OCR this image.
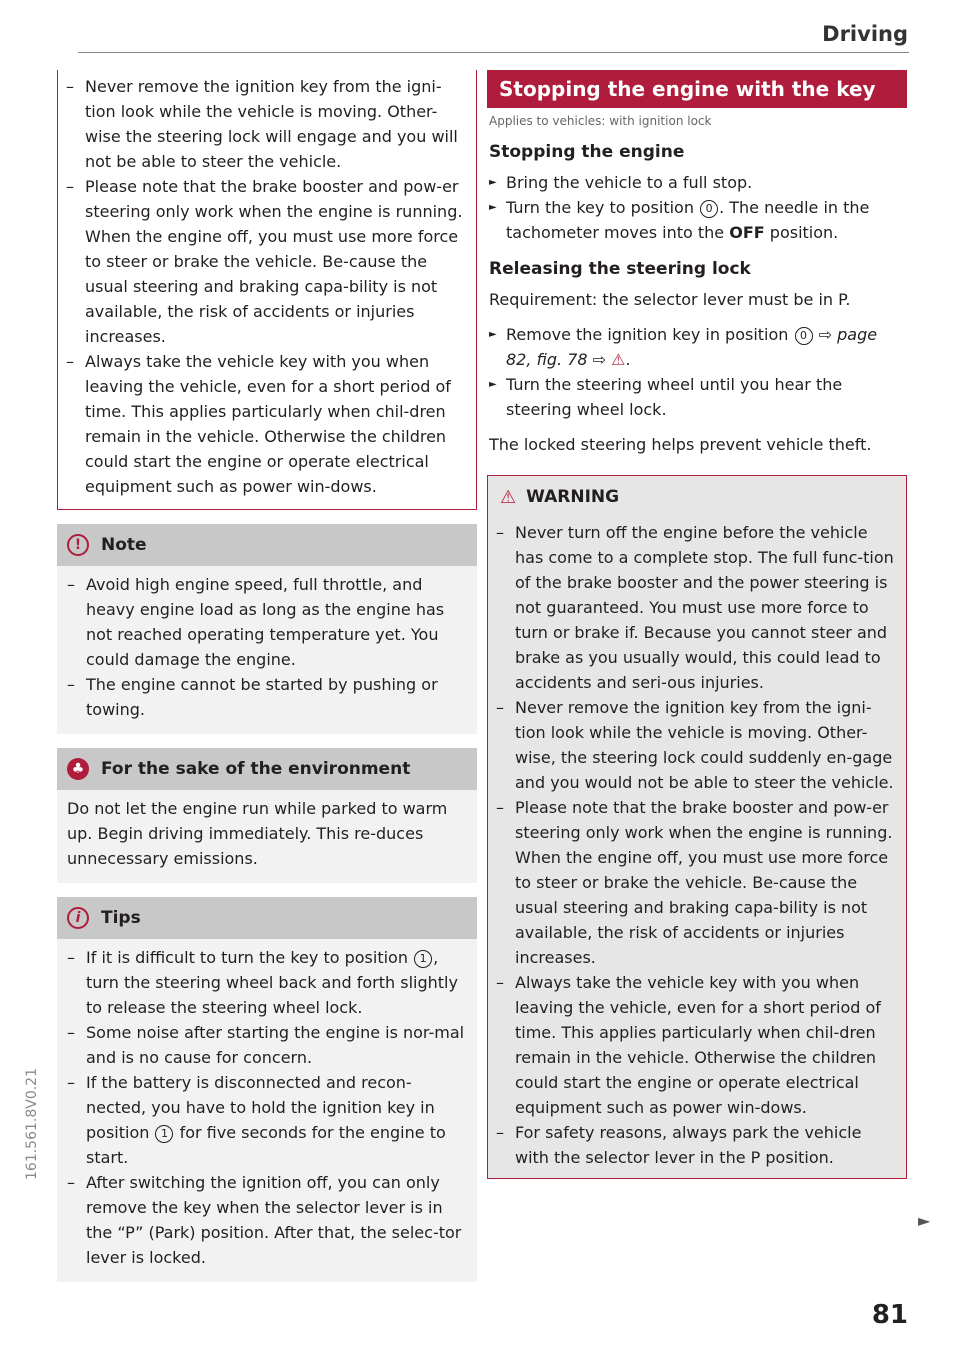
Driving
161.561.8V0.21
– Never remove the ignition key from the igni-tion look while the vehicle is moving. Other-wise the steering lock will engage and you will not be able to steer the vehicle.
– Please note that the brake booster and pow-er steering only work when the engine is running. When the engine off, you must use more force to steer or brake the vehicle. Be-cause the usual steering and braking capa-bility is not available, the risk of accidents or injuries increases.
– Always take the vehicle key with you when leaving the vehicle, even for a short period of time. This applies particularly when chil-dren remain in the vehicle. Otherwise the children could start the engine or operate electrical equipment such as power win-dows.
!	Note
– Avoid high engine speed, full throttle, and heavy engine load as long as the engine has not reached operating temperature yet. You could damage the engine.
– The engine cannot be started by pushing or towing.
♣ For the sake of the environment

Do not let the engine run while parked to warm up. Begin driving immediately. This re-duces unnecessary emissions.

i	Tips
– If it is difficult to turn the key to position 1 , turn the steering wheel back and forth slightly to release the steering wheel lock.
– Some noise after starting the engine is nor-mal and is no cause for concern.
– If the battery is disconnected and recon-nected, you have to hold the ignition key in position 1 for five seconds for the engine to start.
– After switching the ignition off, you can only remove the key when the selector lever is in the “P” (Park) position. After that, the selec-tor lever is locked.
Stopping the engine with the key
Applies to vehicles: with ignition lock
Stopping the engine
► Bring the vehicle to a full stop.
► Turn the key to position 0 . The needle in the tachometer moves into the OFF position.
Releasing the steering lock

Requirement: the selector lever must be in P.

► Remove the ignition key in position 0 ⇨ page 82, fig. 78 ⇨ ⚠.
► Turn the steering wheel until you hear the steering wheel lock.

The locked steering helps prevent vehicle theft.

⚠ WARNING
– Never turn off the engine before the vehicle has come to a complete stop. The full func-tion of the brake booster and the power steering is not guaranteed. You must use more force to turn or brake if. Because you cannot steer and brake as you usually would, this could lead to accidents and seri-ous injuries.
– Never remove the ignition key from the igni-tion look while the vehicle is moving. Other-wise, the steering lock could suddenly en-gage and you would not be able to steer the vehicle.
– Please note that the brake booster and pow-er steering only work when the engine is running. When the engine off, you must use more force to steer or brake the vehicle. Be-cause the usual steering and braking capa-bility is not available, the risk of accidents or injuries increases.
– Always take the vehicle key with you when leaving the vehicle, even for a short period of time. This applies particularly when chil-dren remain in the vehicle. Otherwise the children could start the engine or operate electrical equipment such as power win-dows.
– For safety reasons, always park the vehicle with the selector lever in the P position.
►
81
